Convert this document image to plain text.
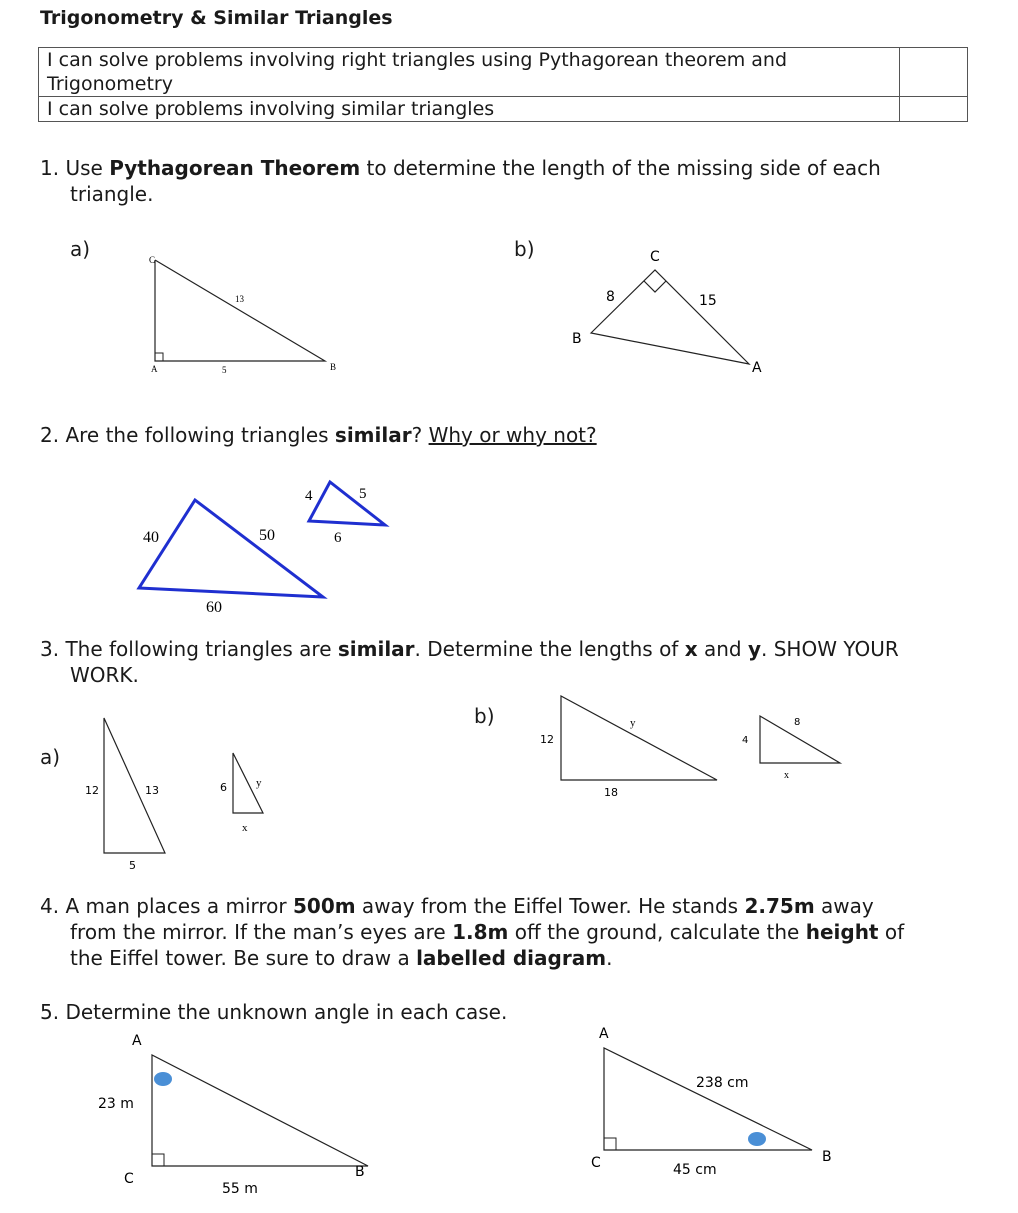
Trigonometry & Similar Triangles
I can solve problems involving right triangles using Pythagorean theorem and Trigonometry	
I can solve problems involving similar triangles	
1. Use Pythagorean Theorem to determine the length of the missing side of each
triangle.
a)	b)
C
A	B
13
5
C
B
A
8	15
40	50
60
4	5
6
12	13
5
6	y
x
12
y
18
4
8
x
A
C	B
23 m
55 m
A
C	B
238 cm
45 cm
2. Are the following triangles similar? Why or why not?
3. The following triangles are similar. Determine the lengths of x and y. SHOW YOUR
WORK.
b)
a)
4. A man places a mirror 500m away from the Eiffel Tower. He stands 2.75m away
from the mirror. If the man’s eyes are 1.8m off the ground, calculate the height of
the Eiffel tower. Be sure to draw a labelled diagram.
5. Determine the unknown angle in each case.
